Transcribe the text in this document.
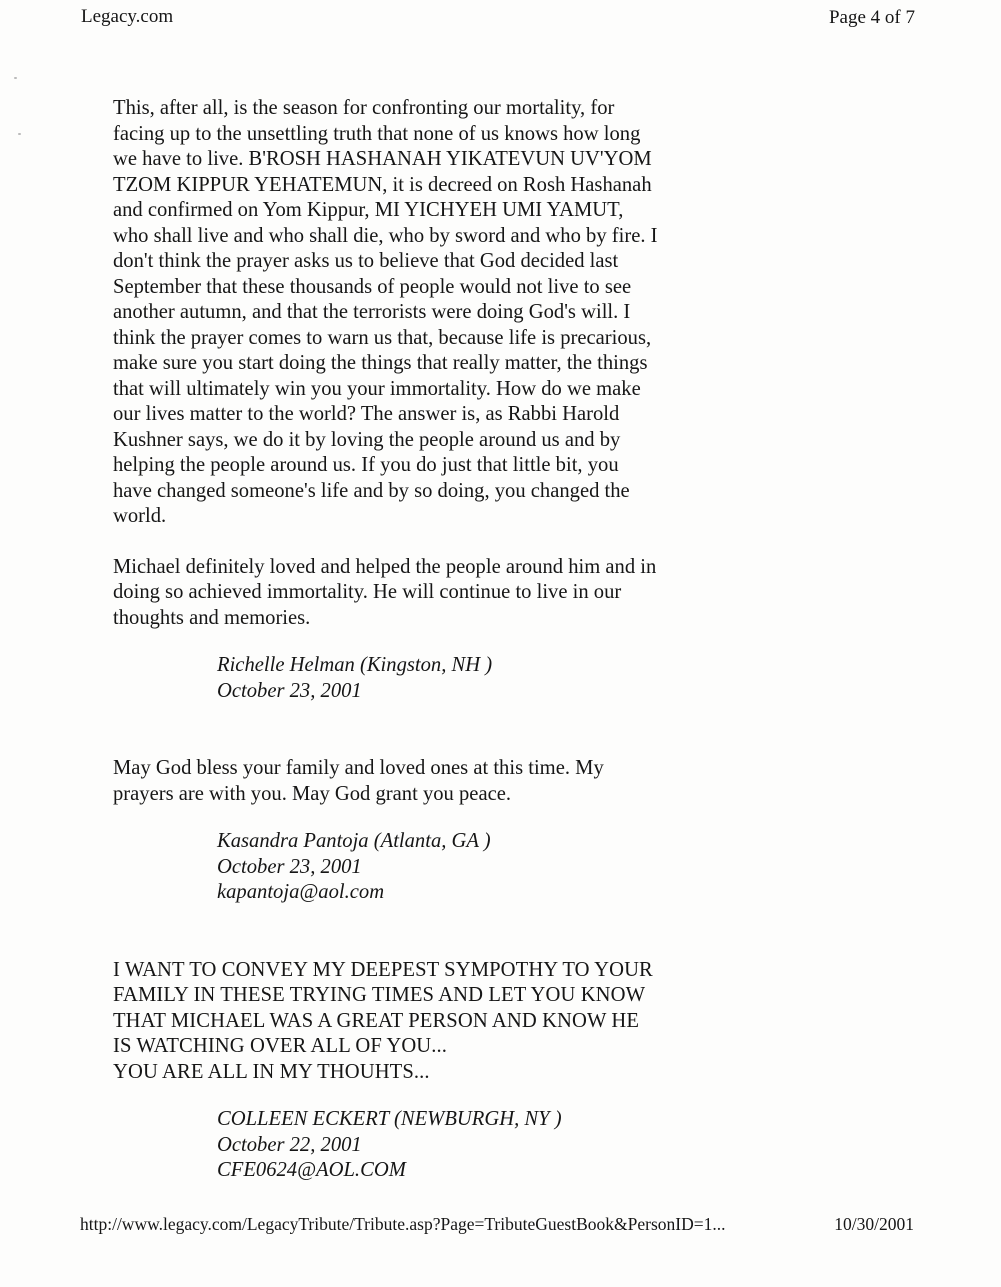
Legacy.com	Page 4 of 7

This, after all, is the season for confronting our mortality, for
facing up to the unsettling truth that none of us knows how long
we have to live. B'ROSH HASHANAH YIKATEVUN UV'YOM
TZOM KIPPUR YEHATEMUN, it is decreed on Rosh Hashanah
and confirmed on Yom Kippur, MI YICHYEH UMI YAMUT,
who shall live and who shall die, who by sword and who by fire. I
don't think the prayer asks us to believe that God decided last
September that these thousands of people would not live to see
another autumn, and that the terrorists were doing God's will. I
think the prayer comes to warn us that, because life is precarious,
make sure you start doing the things that really matter, the things
that will ultimately win you your immortality. How do we make
our lives matter to the world? The answer is, as Rabbi Harold
Kushner says, we do it by loving the people around us and by
helping the people around us. If you do just that little bit, you
have changed someone's life and by so doing, you changed the
world.

Michael definitely loved and helped the people around him and in
doing so achieved immortality. He will continue to live in our
thoughts and memories.

Richelle Helman (Kingston, NH )
October 23, 2001

May God bless your family and loved ones at this time. My
prayers are with you. May God grant you peace.

Kasandra Pantoja (Atlanta, GA )
October 23, 2001
kapantoja@aol.com

I WANT TO CONVEY MY DEEPEST SYMPOTHY TO YOUR
FAMILY IN THESE TRYING TIMES AND LET YOU KNOW
THAT MICHAEL WAS A GREAT PERSON AND KNOW HE
IS WATCHING OVER ALL OF YOU...
YOU ARE ALL IN MY THOUHTS...

COLLEEN ECKERT (NEWBURGH, NY )
October 22, 2001
CFE0624@AOL.COM
http://www.legacy.com/LegacyTribute/Tribute.asp?Page=TributeGuestBook&PersonID=1...	10/30/2001
